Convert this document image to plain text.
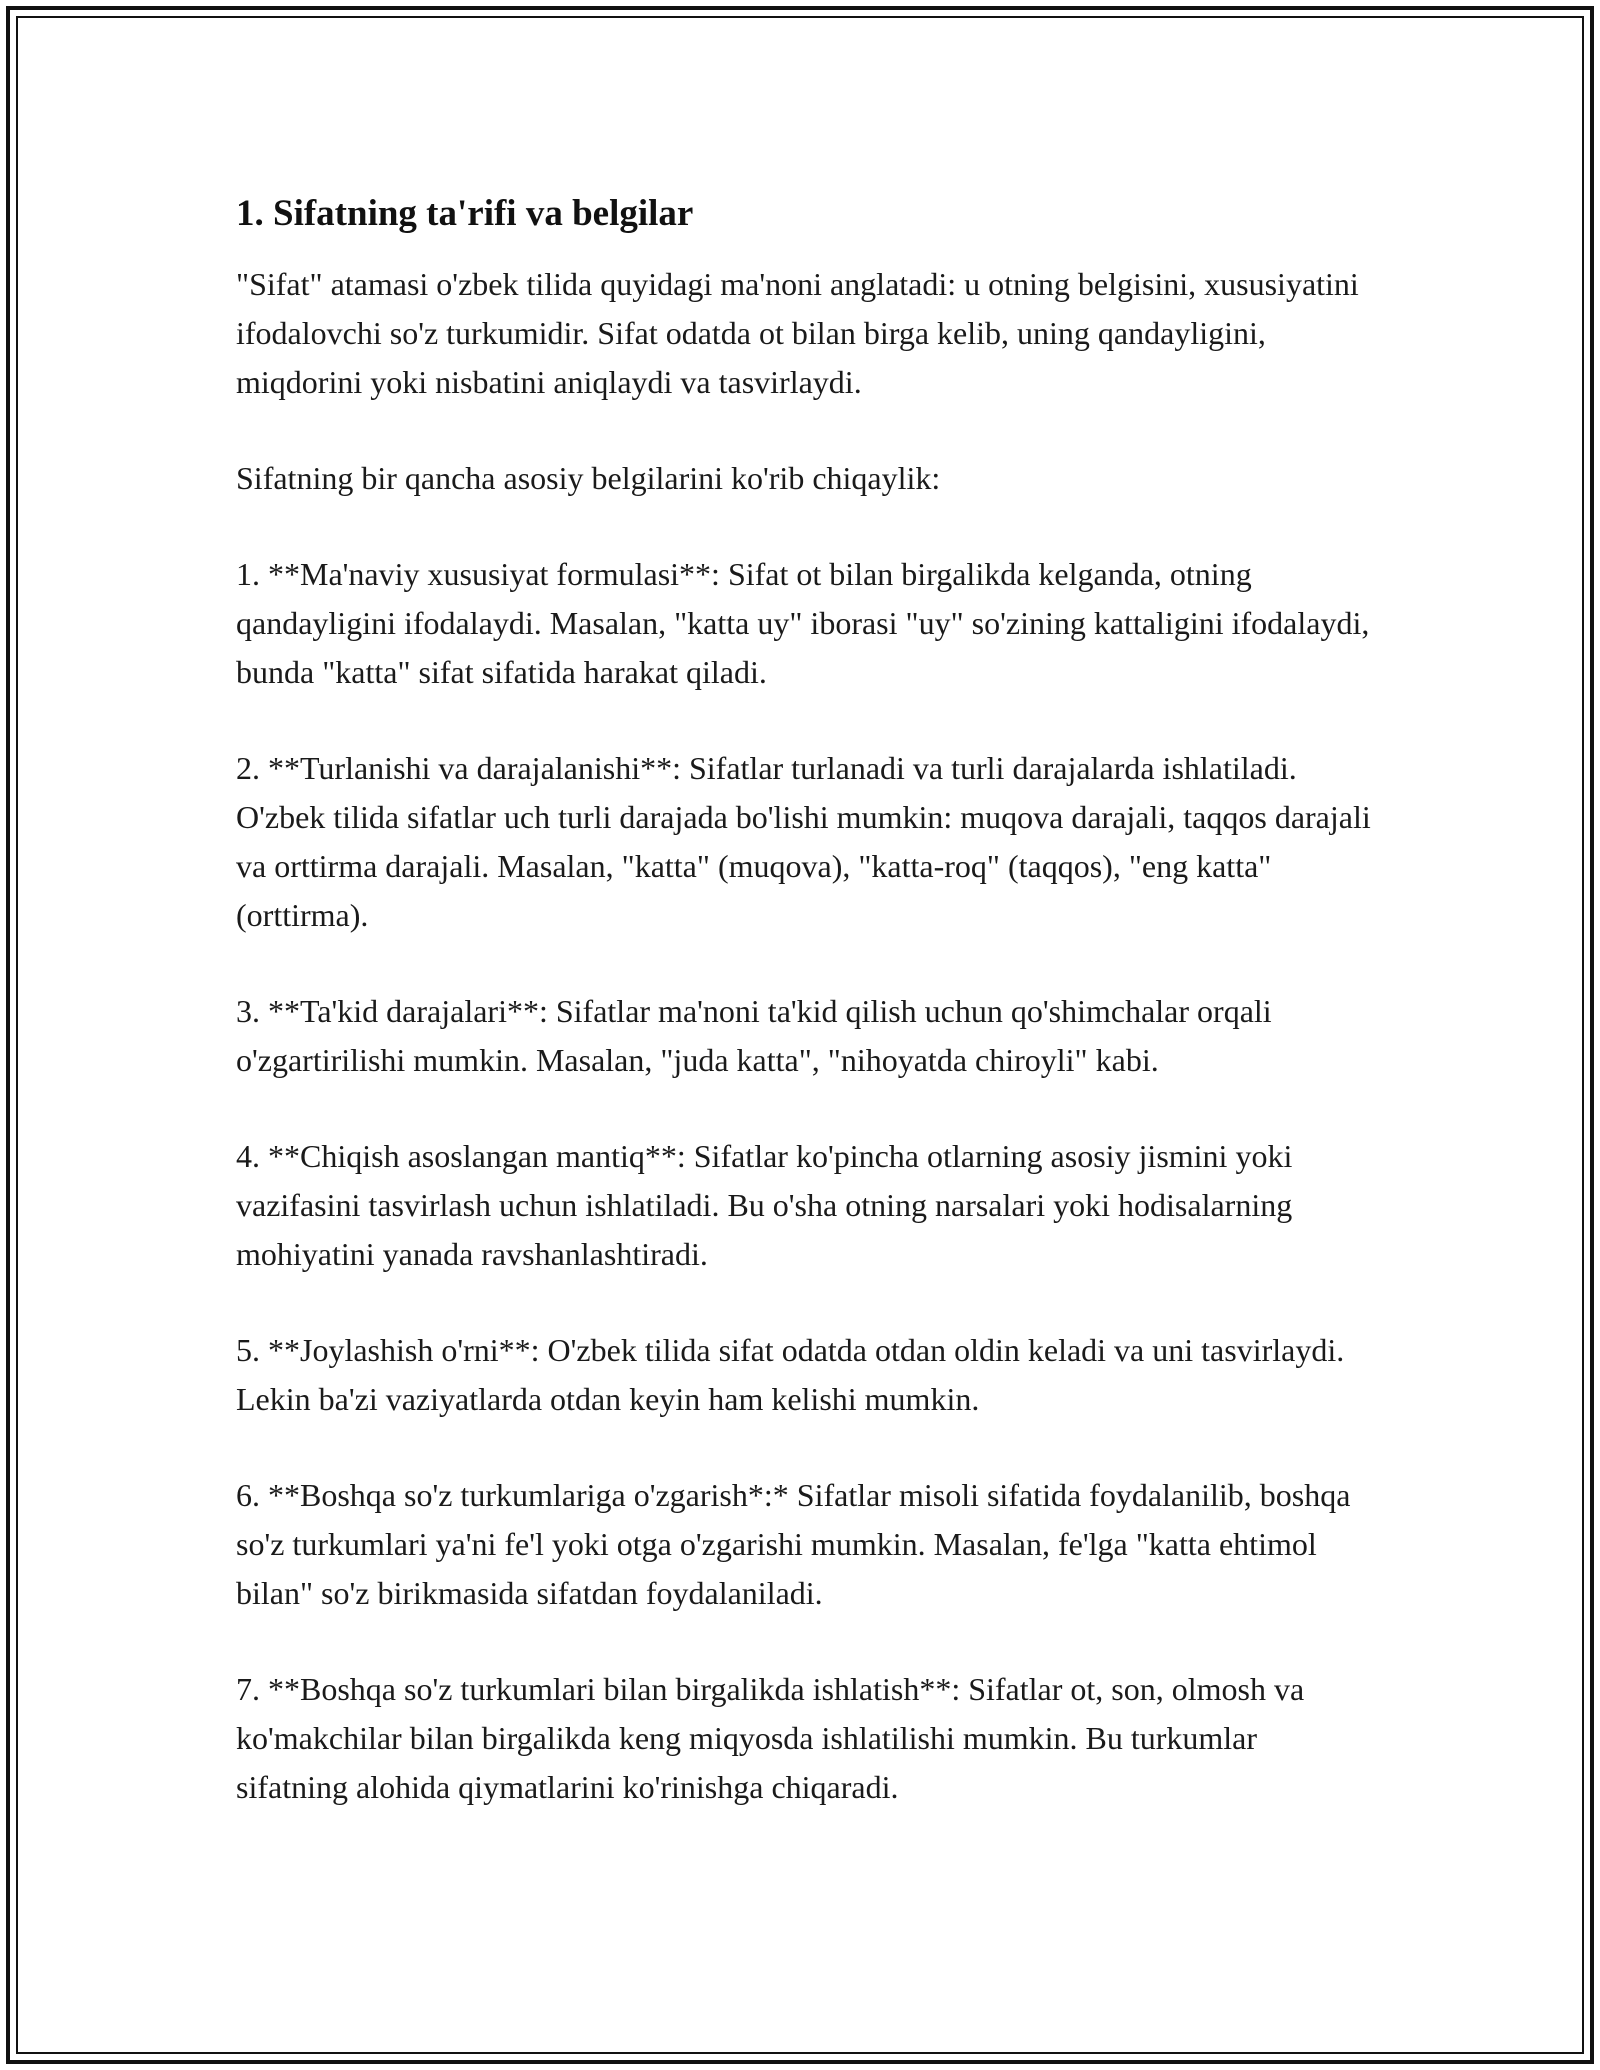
1. Sifatning ta'rifi va belgilar

"Sifat" atamasi o'zbek tilida quyidagi ma'noni anglatadi: u otning belgisini, xususiyatini ifodalovchi so'z turkumidir. Sifat odatda ot bilan birga kelib, uning qandayligini, miqdorini yoki nisbatini aniqlaydi va tasvirlaydi.

Sifatning bir qancha asosiy belgilarini ko'rib chiqaylik:

1. **Ma'naviy xususiyat formulasi**: Sifat ot bilan birgalikda kelganda, otning qandayligini ifodalaydi. Masalan, "katta uy" iborasi "uy" so'zining kattaligini ifodalaydi, bunda "katta" sifat sifatida harakat qiladi.

2. **Turlanishi va darajalanishi**: Sifatlar turlanadi va turli darajalarda ishlatiladi. O'zbek tilida sifatlar uch turli darajada bo'lishi mumkin: muqova darajali, taqqos darajali va orttirma darajali. Masalan, "katta" (muqova), "katta-roq" (taqqos), "eng katta" (orttirma).

3. **Ta'kid darajalari**: Sifatlar ma'noni ta'kid qilish uchun qo'shimchalar orqali o'zgartirilishi mumkin. Masalan, "juda katta", "nihoyatda chiroyli" kabi.

4. **Chiqish asoslangan mantiq**: Sifatlar ko'pincha otlarning asosiy jismini yoki vazifasini tasvirlash uchun ishlatiladi. Bu o'sha otning narsalari yoki hodisalarning mohiyatini yanada ravshanlashtiradi.

5. **Joylashish o'rni**: O'zbek tilida sifat odatda otdan oldin keladi va uni tasvirlaydi. Lekin ba'zi vaziyatlarda otdan keyin ham kelishi mumkin.

6. **Boshqa so'z turkumlariga o'zgarish*:* Sifatlar misoli sifatida foydalanilib, boshqa so'z turkumlari ya'ni fe'l yoki otga o'zgarishi mumkin. Masalan, fe'lga "katta ehtimol bilan" so'z birikmasida sifatdan foydalaniladi.

7. **Boshqa so'z turkumlari bilan birgalikda ishlatish**: Sifatlar ot, son, olmosh va ko'makchilar bilan birgalikda keng miqyosda ishlatilishi mumkin. Bu turkumlar sifatning alohida qiymatlarini ko'rinishga chiqaradi.
